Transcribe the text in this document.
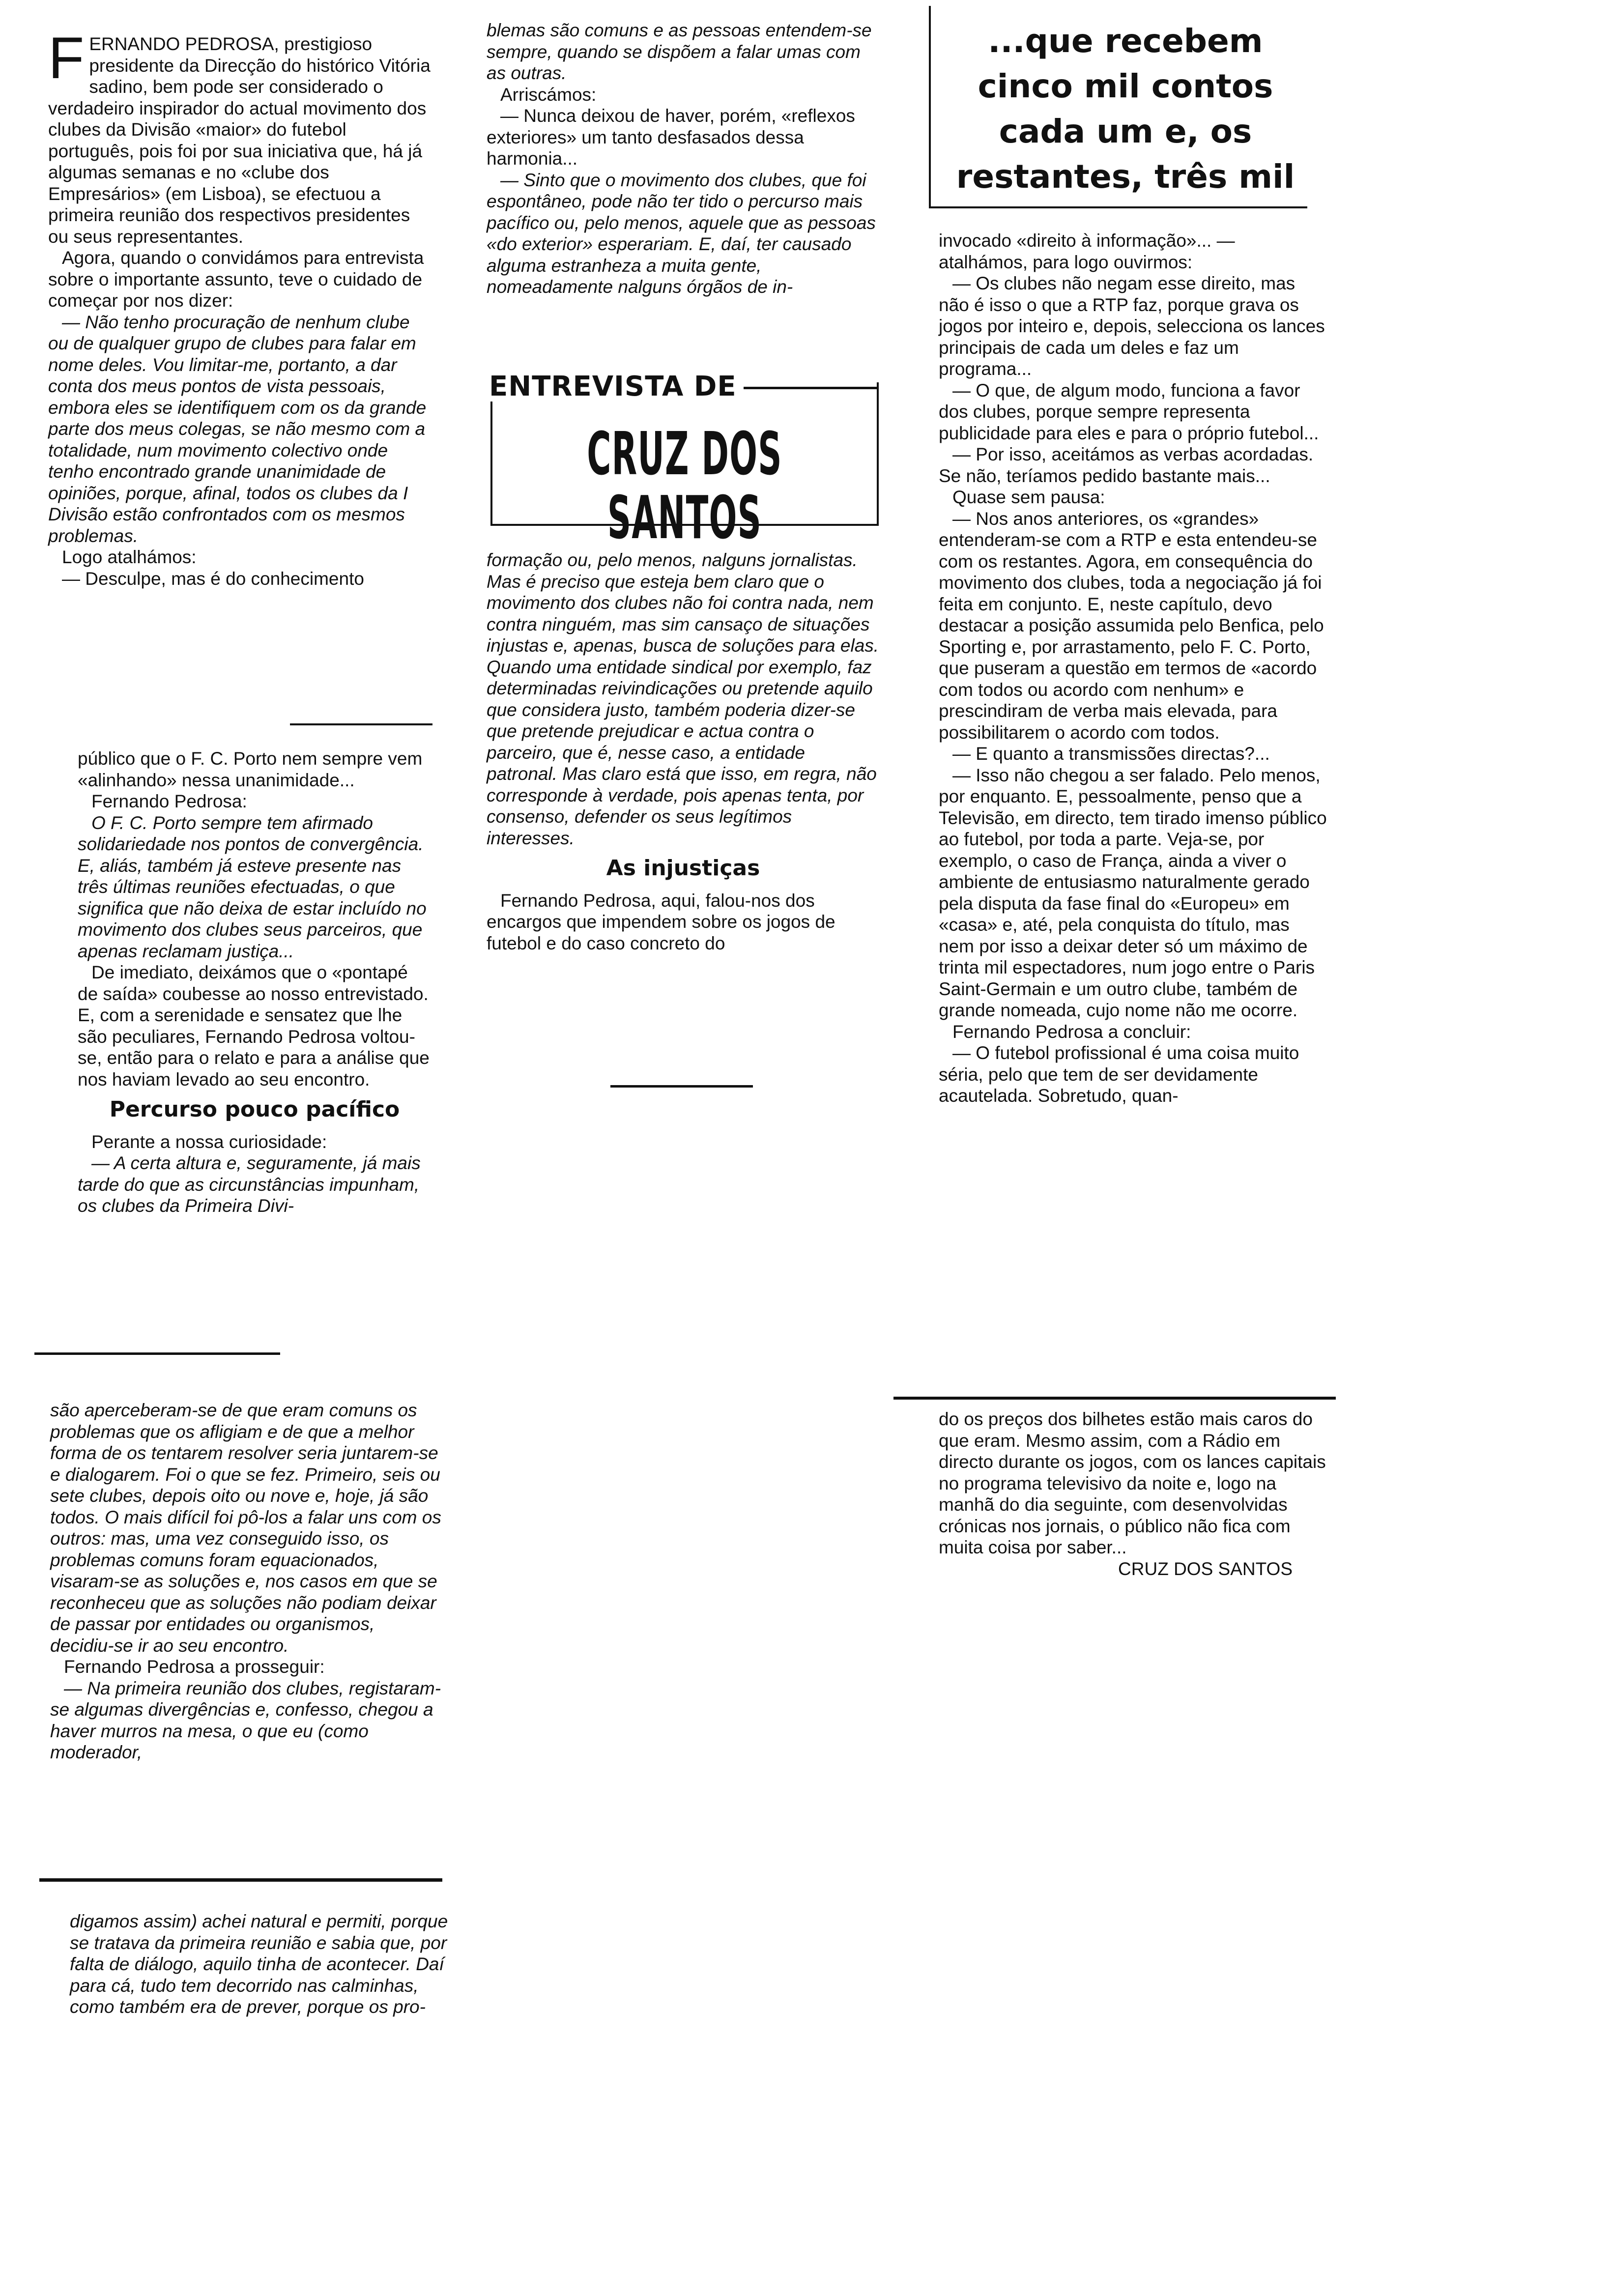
FERNANDO PEDROSA, prestigioso presidente da Direcção do histórico Vitória sadino, bem pode ser considerado o verdadeiro inspirador do actual movimento dos clubes da Divisão «maior» do futebol português, pois foi por sua iniciativa que, há já algumas semanas e no «clube dos Empresários» (em Lisboa), se efectuou a primeira reunião dos respectivos presidentes ou seus representantes.

Agora, quando o convidámos para entrevista sobre o importante assunto, teve o cuidado de começar por nos dizer:

— Não tenho procuração de nenhum clube ou de qualquer grupo de clubes para falar em nome deles. Vou limitar-me, portanto, a dar conta dos meus pontos de vista pessoais, embora eles se identifiquem com os da grande parte dos meus colegas, se não mesmo com a totalidade, num movimento colectivo onde tenho encontrado grande unanimidade de opiniões, porque, afinal, todos os clubes da I Divisão estão confrontados com os mesmos problemas.

Logo atalhámos:

— Desculpe, mas é do conhecimento

público que o F. C. Porto nem sempre vem «alinhando» nessa unanimidade...

Fernando Pedrosa:

O F. C. Porto sempre tem afirmado solidariedade nos pontos de convergência. E, aliás, também já esteve presente nas três últimas reuniões efectuadas, o que significa que não deixa de estar incluído no movimento dos clubes seus parceiros, que apenas reclamam justiça...

De imediato, deixámos que o «pontapé de saída» coubesse ao nosso entrevistado. E, com a serenidade e sensatez que lhe são peculiares, Fernando Pedrosa voltou-se, então para o relato e para a análise que nos haviam levado ao seu encontro.

Percurso pouco pacífico

Perante a nossa curiosidade:

— A certa altura e, seguramente, já mais tarde do que as circunstâncias impunham, os clubes da Primeira Divi-

são aperceberam-se de que eram comuns os problemas que os afligiam e de que a melhor forma de os tentarem resolver seria juntarem-se e dialogarem. Foi o que se fez. Primeiro, seis ou sete clubes, depois oito ou nove e, hoje, já são todos. O mais difícil foi pô-los a falar uns com os outros: mas, uma vez conseguido isso, os problemas comuns foram equacionados, visaram-se as soluções e, nos casos em que se reconheceu que as soluções não podiam deixar de passar por entidades ou organismos, decidiu-se ir ao seu encontro.

Fernando Pedrosa a prosseguir:

— Na primeira reunião dos clubes, registaram-se algumas divergências e, confesso, chegou a haver murros na mesa, o que eu (como moderador,

digamos assim) achei natural e permiti, porque se tratava da primeira reunião e sabia que, por falta de diálogo, aquilo tinha de acontecer. Daí para cá, tudo tem decorrido nas calminhas, como também era de prever, porque os pro-

blemas são comuns e as pessoas entendem-se sempre, quando se dispõem a falar umas com as outras.

Arriscámos:

— Nunca deixou de haver, porém, «reflexos exteriores» um tanto desfasados dessa harmonia...

— Sinto que o movimento dos clubes, que foi espontâneo, pode não ter tido o percurso mais pacífico ou, pelo menos, aquele que as pessoas «do exterior» esperariam. E, daí, ter causado alguma estranheza a muita gente, nomeadamente nalguns órgãos de in-

ENTREVISTA DE
CRUZ DOS SANTOS

formação ou, pelo menos, nalguns jornalistas. Mas é preciso que esteja bem claro que o movimento dos clubes não foi contra nada, nem contra ninguém, mas sim cansaço de situações injustas e, apenas, busca de soluções para elas. Quando uma entidade sindical por exemplo, faz determinadas reivindicações ou pretende aquilo que considera justo, também poderia dizer-se que pretende prejudicar e actua contra o parceiro, que é, nesse caso, a entidade patronal. Mas claro está que isso, em regra, não corresponde à verdade, pois apenas tenta, por consenso, defender os seus legítimos interesses.

As injustiças

Fernando Pedrosa, aqui, falou-nos dos encargos que impendem sobre os jogos de futebol e do caso concreto do

...que recebem cinco mil contos cada um e, os restantes, três mil

invocado «direito à informação»... — atalhámos, para logo ouvirmos:

— Os clubes não negam esse direito, mas não é isso o que a RTP faz, porque grava os jogos por inteiro e, depois, selecciona os lances principais de cada um deles e faz um programa...

— O que, de algum modo, funciona a favor dos clubes, porque sempre representa publicidade para eles e para o próprio futebol...

— Por isso, aceitámos as verbas acordadas. Se não, teríamos pedido bastante mais...

Quase sem pausa:

— Nos anos anteriores, os «grandes» entenderam-se com a RTP e esta entendeu-se com os restantes. Agora, em consequência do movimento dos clubes, toda a negociação já foi feita em conjunto. E, neste capítulo, devo destacar a posição assumida pelo Benfica, pelo Sporting e, por arrastamento, pelo F. C. Porto, que puseram a questão em termos de «acordo com todos ou acordo com nenhum» e prescindiram de verba mais elevada, para possibilitarem o acordo com todos.

— E quanto a transmissões directas?...

— Isso não chegou a ser falado. Pelo menos, por enquanto. E, pessoalmente, penso que a Televisão, em directo, tem tirado imenso público ao futebol, por toda a parte. Veja-se, por exemplo, o caso de França, ainda a viver o ambiente de entusiasmo naturalmente gerado pela disputa da fase final do «Europeu» em «casa» e, até, pela conquista do título, mas nem por isso a deixar deter só um máximo de trinta mil espectadores, num jogo entre o Paris Saint-Germain e um outro clube, também de grande nomeada, cujo nome não me ocorre.

Fernando Pedrosa a concluir:

— O futebol profissional é uma coisa muito séria, pelo que tem de ser devidamente acautelada. Sobretudo, quan-

do os preços dos bilhetes estão mais caros do que eram. Mesmo assim, com a Rádio em directo durante os jogos, com os lances capitais no programa televisivo da noite e, logo na manhã do dia seguinte, com desenvolvidas crónicas nos jornais, o público não fica com muita coisa por saber...

CRUZ DOS SANTOS
